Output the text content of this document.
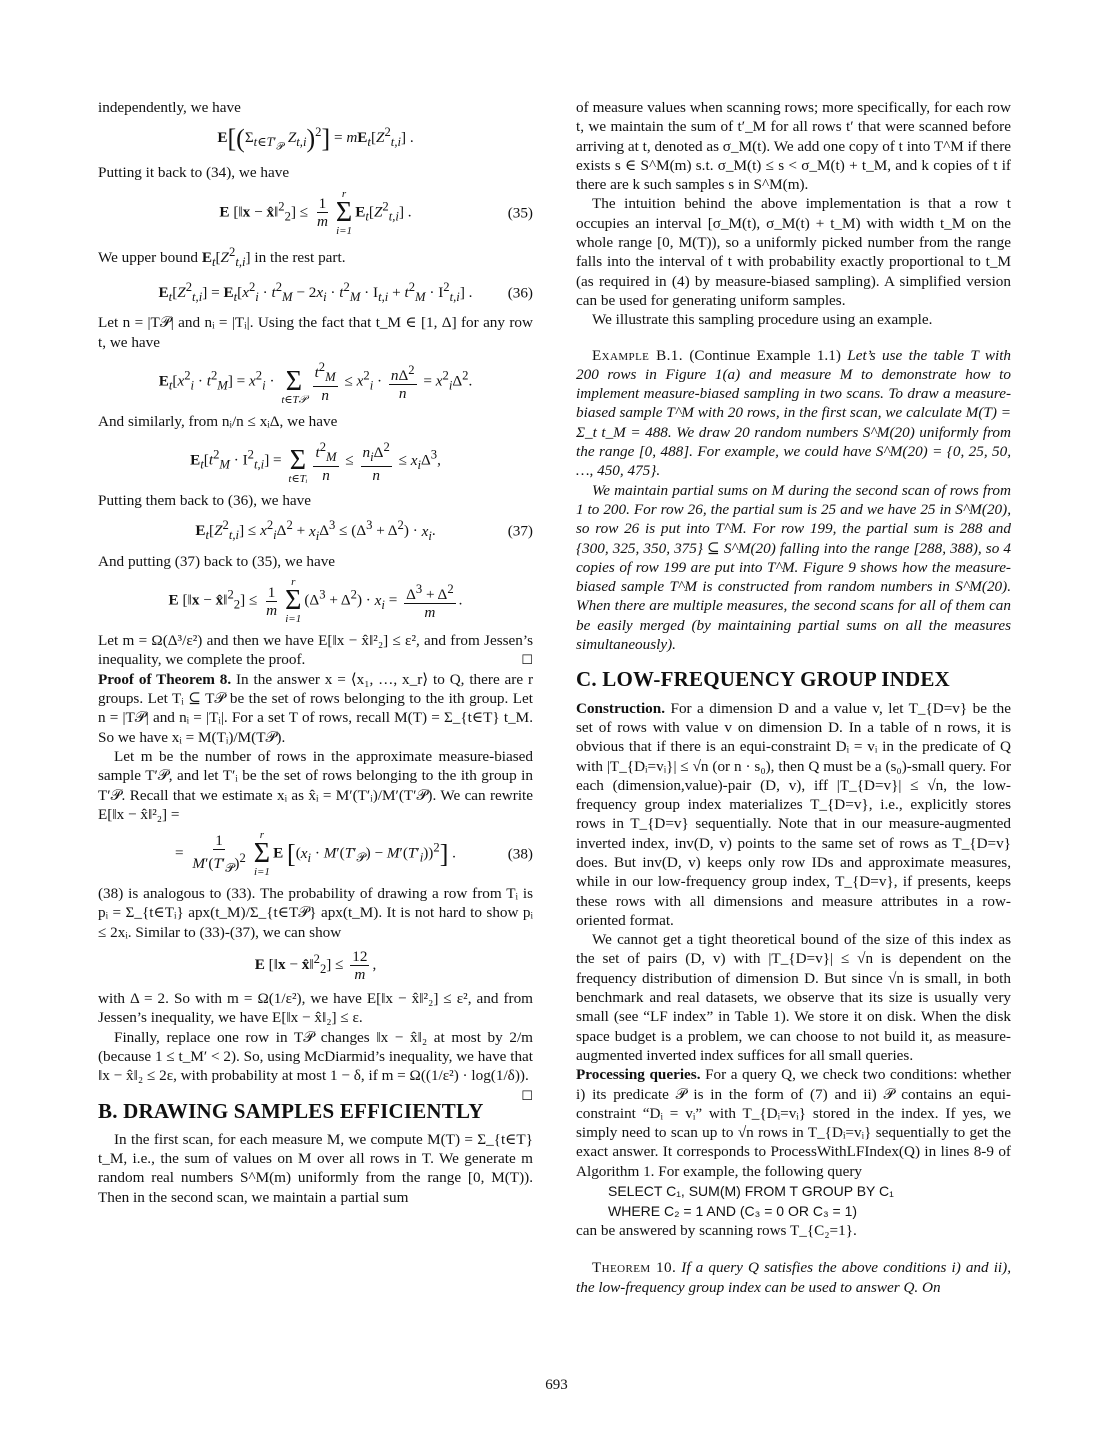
independently, we have

$E[(\Sigma_{t\in T'_𝒫}$ $Z_{t,i})^2] = mE_t[Z^2_{t,i}]$ .

Putting it back to (34), we have

E [‖x − x̂‖$^2_2$] ≤ $\frac{1}{m}$
r
Σ
i=1
$E_t[Z^2_{t,i}]$ .	(35)

We upper bound $E_t[Z^2_{t,i}]$ in the rest part.

$E_t[Z^2_{t,i}] = E_t[x^2_i \cdot t^2_M - 2x_i \cdot t^2_M \cdot I_{t,i} + t^2_M \cdot I^2_{t,i}]$ . (36)

Let n = |T𝒫| and nᵢ = |Tᵢ|. Using the fact that t_M ∈ [1, Δ] for any row t, we have

$E_t[x^2_i \cdot t^2_M] = x^2_i$ ·
Σ
t∈T𝒫 $\frac{t^2_M}{n} \le x^2_i \cdot \frac{n\Delta^2}{n} = x^2_i\Delta^2$.

And similarly, from nᵢ/n ≤ xᵢΔ, we have

$E_t[t^2_M \cdot I^2_{t,i}]$ =
Σ
t∈Tᵢ $\frac{t^2_M}{n} \le \frac{n_i\Delta^2}{n} \le x_i\Delta^3$,

Putting them back to (36), we have

$E_t[Z^2_{t,i}] \le x^2_i\Delta^2 + x_i\Delta^3 \le (\Delta^3 + \Delta^2) \cdot x_i$.	(37)

And putting (37) back to (35), we have

E [‖x − x̂‖$^2_2$] ≤ $\frac{1}{m}$
r
Σ
i=1
$(\Delta^3 + \Delta^2) \cdot x_i = \frac{\Delta^3 + \Delta^2}{m}$ .

Let m = Ω(Δ³/ε²) and then we have E[‖x − x̂‖²₂] ≤ ε², and from Jessen’s inequality, we complete the proof.	☐

Proof of Theorem 8. In the answer x = ⟨x₁, …, x_r⟩ to Q, there are r groups. Let Tᵢ ⊆ T𝒫 be the set of rows belonging to the ith group. Let n = |T𝒫| and nᵢ = |Tᵢ|. For a set T of rows, recall M(T) = Σ_{t∈T} t_M. So we have xᵢ = M(Tᵢ)/M(T𝒫).

Let m be the number of rows in the approximate measure-biased sample T′𝒫, and let T′ᵢ be the set of rows belonging to the ith group in T′𝒫. Recall that we estimate xᵢ as x̂ᵢ = M′(T′ᵢ)/M′(T′𝒫). We can rewrite E[‖x − x̂‖²₂] =

= $\frac{1}{M'(T'_𝒫)^2}$ r
Σ
i=1
E $[(x_i \cdot M'(T'_𝒫) - M'(T'_i))^2]$ .	(38)

(38) is analogous to (33). The probability of drawing a row from Tᵢ is pᵢ = Σ_{t∈Tᵢ} apx(t_M)/Σ_{t∈T𝒫} apx(t_M). It is not hard to show pᵢ ≤ 2xᵢ. Similar to (33)-(37), we can show

E [‖x − x̂‖$^2_2$] ≤ $\frac{12}{m}$ ,

with Δ = 2. So with m = Ω(1/ε²), we have E[‖x − x̂‖²₂] ≤ ε², and from Jessen’s inequality, we have E[‖x − x̂‖₂] ≤ ε.

Finally, replace one row in T𝒫 changes ‖x − x̂‖₂ at most by 2/m (because 1 ≤ t_M′ < 2). So, using McDiarmid’s inequality, we have that ‖x − x̂‖₂ ≤ 2ε, with probability at most 1 − δ, if m = Ω((1/ε²) · log(1/δ)).
☐

B. DRAWING SAMPLES EFFICIENTLY

In the first scan, for each measure M, we compute M(T) = Σ_{t∈T} t_M, i.e., the sum of values on M over all rows in T. We generate m random real numbers S^M(m) uniformly from the range [0, M(T)). Then in the second scan, we maintain a partial sum

of measure values when scanning rows; more specifically, for each row t, we maintain the sum of t′_M for all rows t′ that were scanned before arriving at t, denoted as σ_M(t). We add one copy of t into T^M if there exists s ∈ S^M(m) s.t. σ_M(t) ≤ s < σ_M(t) + t_M, and k copies of t if there are k such samples s in S^M(m).

The intuition behind the above implementation is that a row t occupies an interval [σ_M(t), σ_M(t) + t_M) with width t_M on the whole range [0, M(T)), so a uniformly picked number from the range falls into the interval of t with probability exactly proportional to t_M (as required in (4) by measure-biased sampling). A simplified version can be used for generating uniform samples.

We illustrate this sampling procedure using an example.

Example B.1. (Continue Example 1.1) Let’s use the table T with 200 rows in Figure 1(a) and measure M to demonstrate how to implement measure-biased sampling in two scans. To draw a measure-biased sample T^M with 20 rows, in the first scan, we calculate M(T) = Σ_t t_M = 488. We draw 20 random numbers S^M(20) uniformly from the range [0, 488]. For example, we could have S^M(20) = {0, 25, 50, …, 450, 475}.

We maintain partial sums on M during the second scan of rows from 1 to 200. For row 26, the partial sum is 25 and we have 25 in S^M(20), so row 26 is put into T^M. For row 199, the partial sum is 288 and {300, 325, 350, 375} ⊆ S^M(20) falling into the range [288, 388), so 4 copies of row 199 are put into T^M. Figure 9 shows how the measure-biased sample T^M is constructed from random numbers in S^M(20). When there are multiple measures, the second scans for all of them can be easily merged (by maintaining partial sums on all the measures simultaneously).

C. LOW-FREQUENCY GROUP INDEX

Construction. For a dimension D and a value v, let T_{D=v} be the set of rows with value v on dimension D. In a table of n rows, it is obvious that if there is an equi-constraint Dᵢ = vᵢ in the predicate of Q with |T_{Dᵢ=vᵢ}| ≤ √n (or n · s₀), then Q must be a (s₀)-small query. For each (dimension,value)-pair (D, v), iff |T_{D=v}| ≤ √n, the low-frequency group index materializes T_{D=v}, i.e., explicitly stores rows in T_{D=v} sequentially. Note that in our measure-augmented inverted index, inv(D, v) points to the same set of rows as T_{D=v} does. But inv(D, v) keeps only row IDs and approximate measures, while in our low-frequency group index, T_{D=v}, if presents, keeps these rows with all dimensions and measure attributes in a row-oriented format.

We cannot get a tight theoretical bound of the size of this index as the set of pairs (D, v) with |T_{D=v}| ≤ √n is dependent on the frequency distribution of dimension D. But since √n is small, in both benchmark and real datasets, we observe that its size is usually very small (see “LF index” in Table 1). We store it on disk. When the disk space budget is a problem, we can choose to not build it, as measure-augmented inverted index suffices for all small queries.

Processing queries. For a query Q, we check two conditions: whether i) its predicate 𝒫 is in the form of (7) and ii) 𝒫 contains an equi-constraint “Dᵢ = vᵢ” with T_{Dᵢ=vᵢ} stored in the index. If yes, we simply need to scan up to √n rows in T_{Dᵢ=vᵢ} sequentially to get the exact answer. It corresponds to ProcessWithLFIndex(Q) in lines 8-9 of Algorithm 1. For example, the following query

SELECT C₁, SUM(M) FROM T GROUP BY C₁
WHERE C₂ = 1 AND (C₃ = 0 OR C₃ = 1)

can be answered by scanning rows T_{C₂=1}.

Theorem 10. If a query Q satisfies the above conditions i) and ii), the low-frequency group index can be used to answer Q. On

693
